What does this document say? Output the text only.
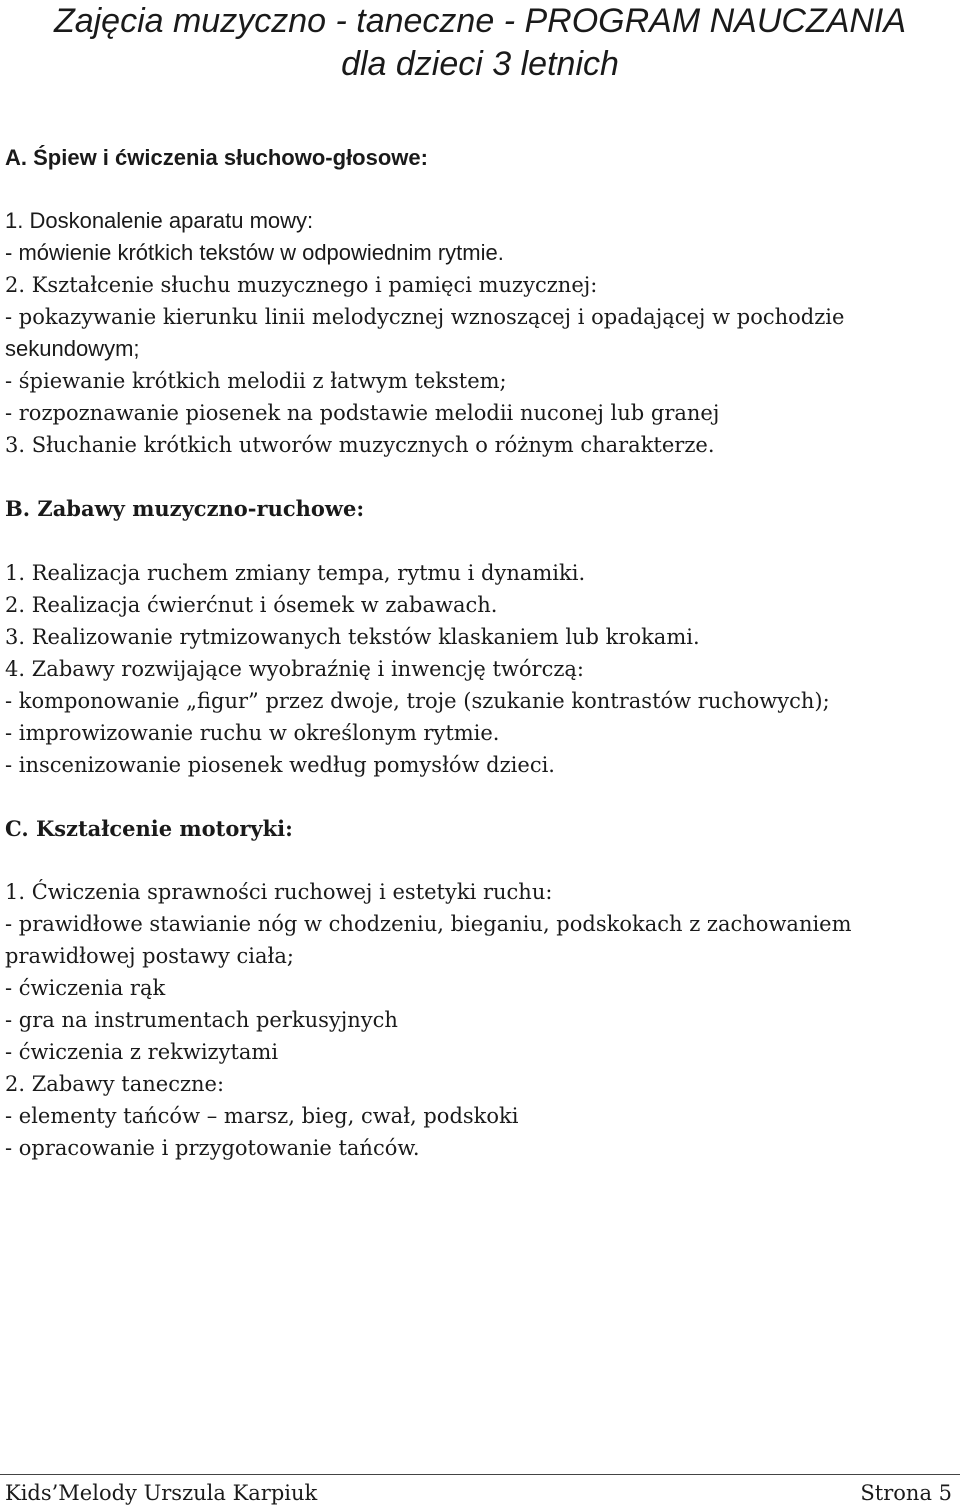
Zajęcia muzyczno - taneczne - PROGRAM NAUCZANIA
dla dzieci 3 letnich
A. Śpiew i ćwiczenia słuchowo-głosowe:
1. Doskonalenie aparatu mowy:
- mówienie krótkich tekstów w odpowiednim rytmie.
2. Kształcenie słuchu muzycznego i pamięci muzycznej:
- pokazywanie kierunku linii melodycznej wznoszącej i opadającej w pochodzie
sekundowym;
- śpiewanie krótkich melodii z łatwym tekstem;
- rozpoznawanie piosenek na podstawie melodii nuconej lub granej
3. Słuchanie krótkich utworów muzycznych o różnym charakterze.
B. Zabawy muzyczno-ruchowe:
1. Realizacja ruchem zmiany tempa, rytmu i dynamiki.
2. Realizacja ćwierćnut i ósemek w zabawach.
3. Realizowanie rytmizowanych tekstów klaskaniem lub krokami.
4. Zabawy rozwijające wyobraźnię i inwencję twórczą:
- komponowanie „figur” przez dwoje, troje (szukanie kontrastów ruchowych);
- improwizowanie ruchu w określonym rytmie.
- inscenizowanie piosenek według pomysłów dzieci.
C. Kształcenie motoryki:
1. Ćwiczenia sprawności ruchowej i estetyki ruchu:
- prawidłowe stawianie nóg w chodzeniu, bieganiu, podskokach z zachowaniem
prawidłowej postawy ciała;
- ćwiczenia rąk
- gra na instrumentach perkusyjnych
- ćwiczenia z rekwizytami
2. Zabawy taneczne:
- elementy tańców – marsz, bieg, cwał, podskoki
- opracowanie i przygotowanie tańców.
Kids’Melody Urszula Karpiuk	Strona 5
